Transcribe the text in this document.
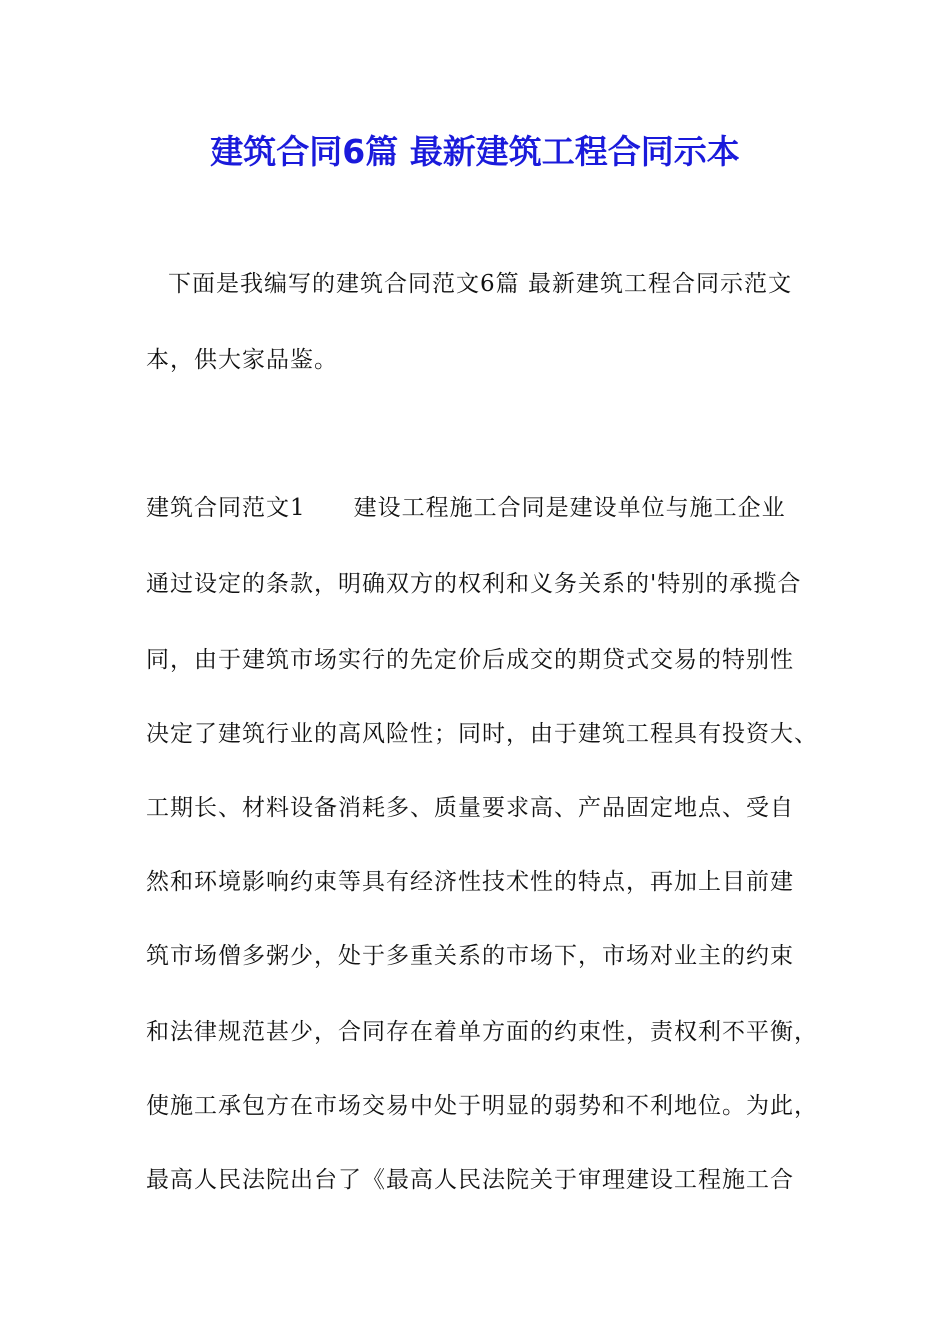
建筑合同6篇 最新建筑工程合同示本
下面是我编写的建筑合同范文6篇 最新建筑工程合同示范文
本，供大家品鉴。
建筑合同范文1　　建设工程施工合同是建设单位与施工企业
通过设定的条款，明确双方的权利和义务关系的'特别的承揽合
同，由于建筑市场实行的先定价后成交的期贷式交易的特别性
决定了建筑行业的高风险性；同时，由于建筑工程具有投资大、
工期长、材料设备消耗多、质量要求高、产品固定地点、受自
然和环境影响约束等具有经济性技术性的特点，再加上目前建
筑市场僧多粥少，处于多重关系的市场下，市场对业主的约束
和法律规范甚少，合同存在着单方面的约束性，责权利不平衡，
使施工承包方在市场交易中处于明显的弱势和不利地位。为此，
最高人民法院出台了《最高人民法院关于审理建设工程施工合
